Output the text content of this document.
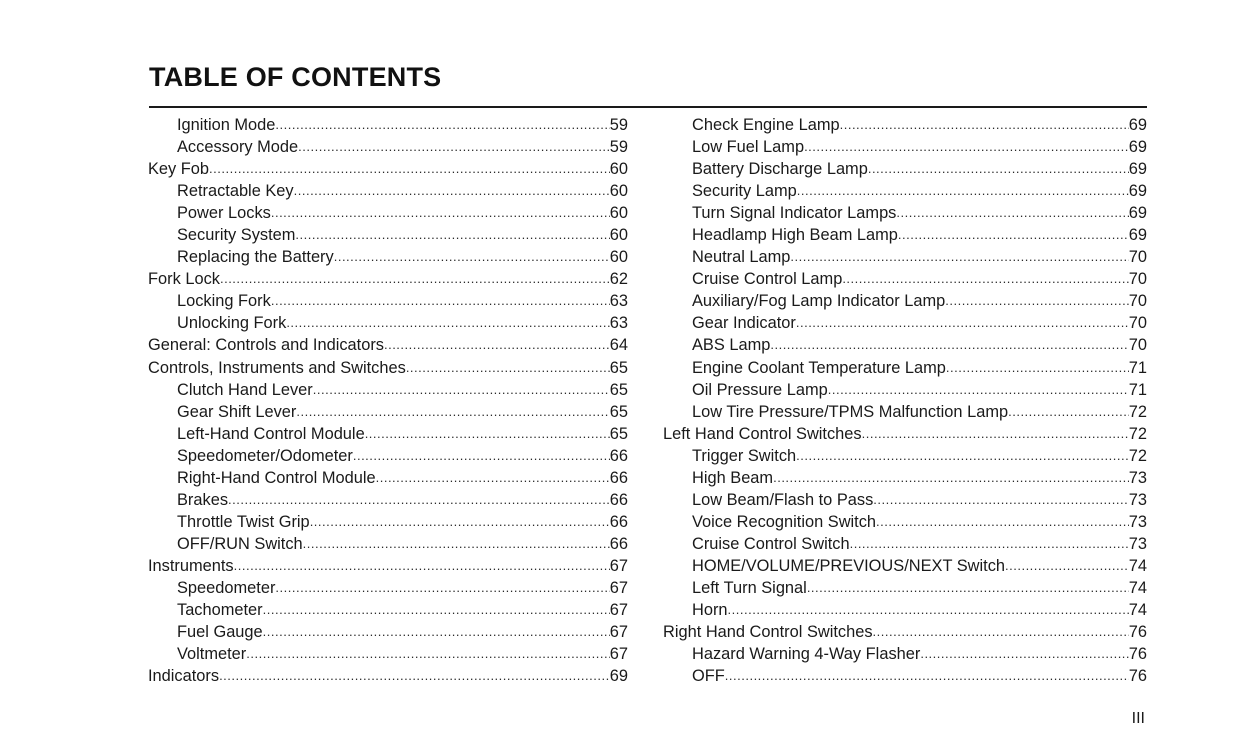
TABLE OF CONTENTS
Ignition Mode .....	59
Accessory Mode .....	59
Key Fob .....	60
Retractable Key .....	60
Power Locks .....	60
Security System .....	60
Replacing the Battery .....	60
Fork Lock .....	62
Locking Fork .....	63
Unlocking Fork .....	63
General: Controls and Indicators .....	64
Controls, Instruments and Switches .....	65
Clutch Hand Lever .....	65
Gear Shift Lever .....	65
Left-Hand Control Module .....	65
Speedometer/Odometer .....	66
Right-Hand Control Module .....	66
Brakes .....	66
Throttle Twist Grip .....	66
OFF/RUN Switch .....	66
Instruments .....	67
Speedometer .....	67
Tachometer .....	67
Fuel Gauge .....	67
Voltmeter .....	67
Indicators .....	69
Check Engine Lamp .....	69
Low Fuel Lamp .....	69
Battery Discharge Lamp .....	69
Security Lamp .....	69
Turn Signal Indicator Lamps .....	69
Headlamp High Beam Lamp .....	69
Neutral Lamp .....	70
Cruise Control Lamp .....	70
Auxiliary/Fog Lamp Indicator Lamp .....	70
Gear Indicator .....	70
ABS Lamp .....	70
Engine Coolant Temperature Lamp .....	71
Oil Pressure Lamp .....	71
Low Tire Pressure/TPMS Malfunction Lamp .....	72
Left Hand Control Switches .....	72
Trigger Switch .....	72
High Beam .....	73
Low Beam/Flash to Pass .....	73
Voice Recognition Switch .....	73
Cruise Control Switch .....	73
HOME/VOLUME/PREVIOUS/NEXT Switch .....	74
Left Turn Signal .....	74
Horn .....	74
Right Hand Control Switches .....	76
Hazard Warning 4-Way Flasher .....	76
OFF .....	76
III
